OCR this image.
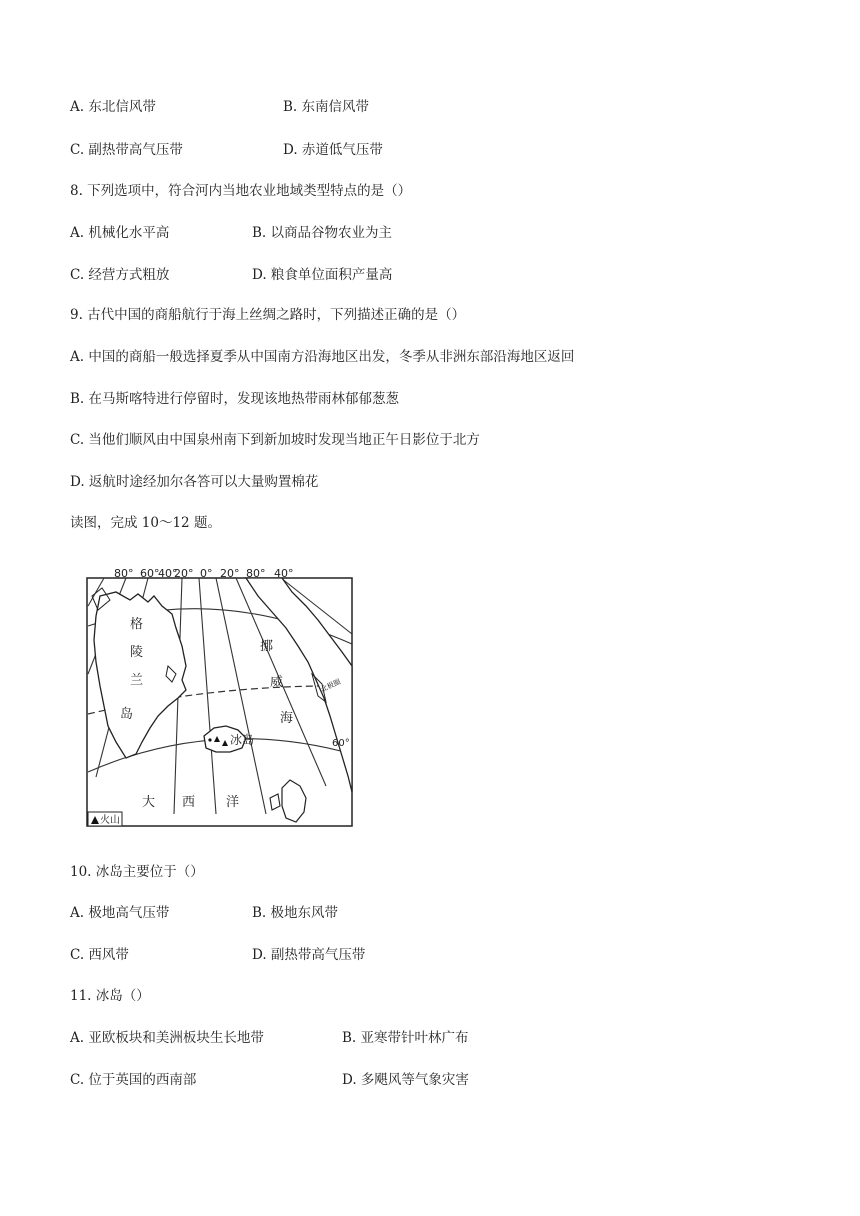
A. 东北信风带	B. 东南信风带
C. 副热带高气压带	D. 赤道低气压带
8. 下列选项中，符合河内当地农业地域类型特点的是（）
A. 机械化水平高	B. 以商品谷物农业为主
C. 经营方式粗放	D. 粮食单位面积产量高
9. 古代中国的商船航行于海上丝绸之路时，下列描述正确的是（）
A. 中国的商船一般选择夏季从中国南方沿海地区出发，冬季从非洲东部沿海地区返回
B. 在马斯喀特进行停留时，发现该地热带雨林郁郁葱葱
C. 当他们顺风由中国泉州南下到新加坡时发现当地正午日影位于北方
D. 返航时途经加尔各答可以大量购置棉花
读图，完成 10～12 题。
80° 60°
40°
20° 0° 20° 80° 40°
60°
格
陵
兰
岛
挪
威
海
冰岛
大 西 洋
北极圈
火山
10. 冰岛主要位于（）
A. 极地高气压带	B. 极地东风带
C. 西风带	D. 副热带高气压带
11. 冰岛（）
A. 亚欧板块和美洲板块生长地带	B. 亚寒带针叶林广布
C. 位于英国的西南部	D. 多飓风等气象灾害
